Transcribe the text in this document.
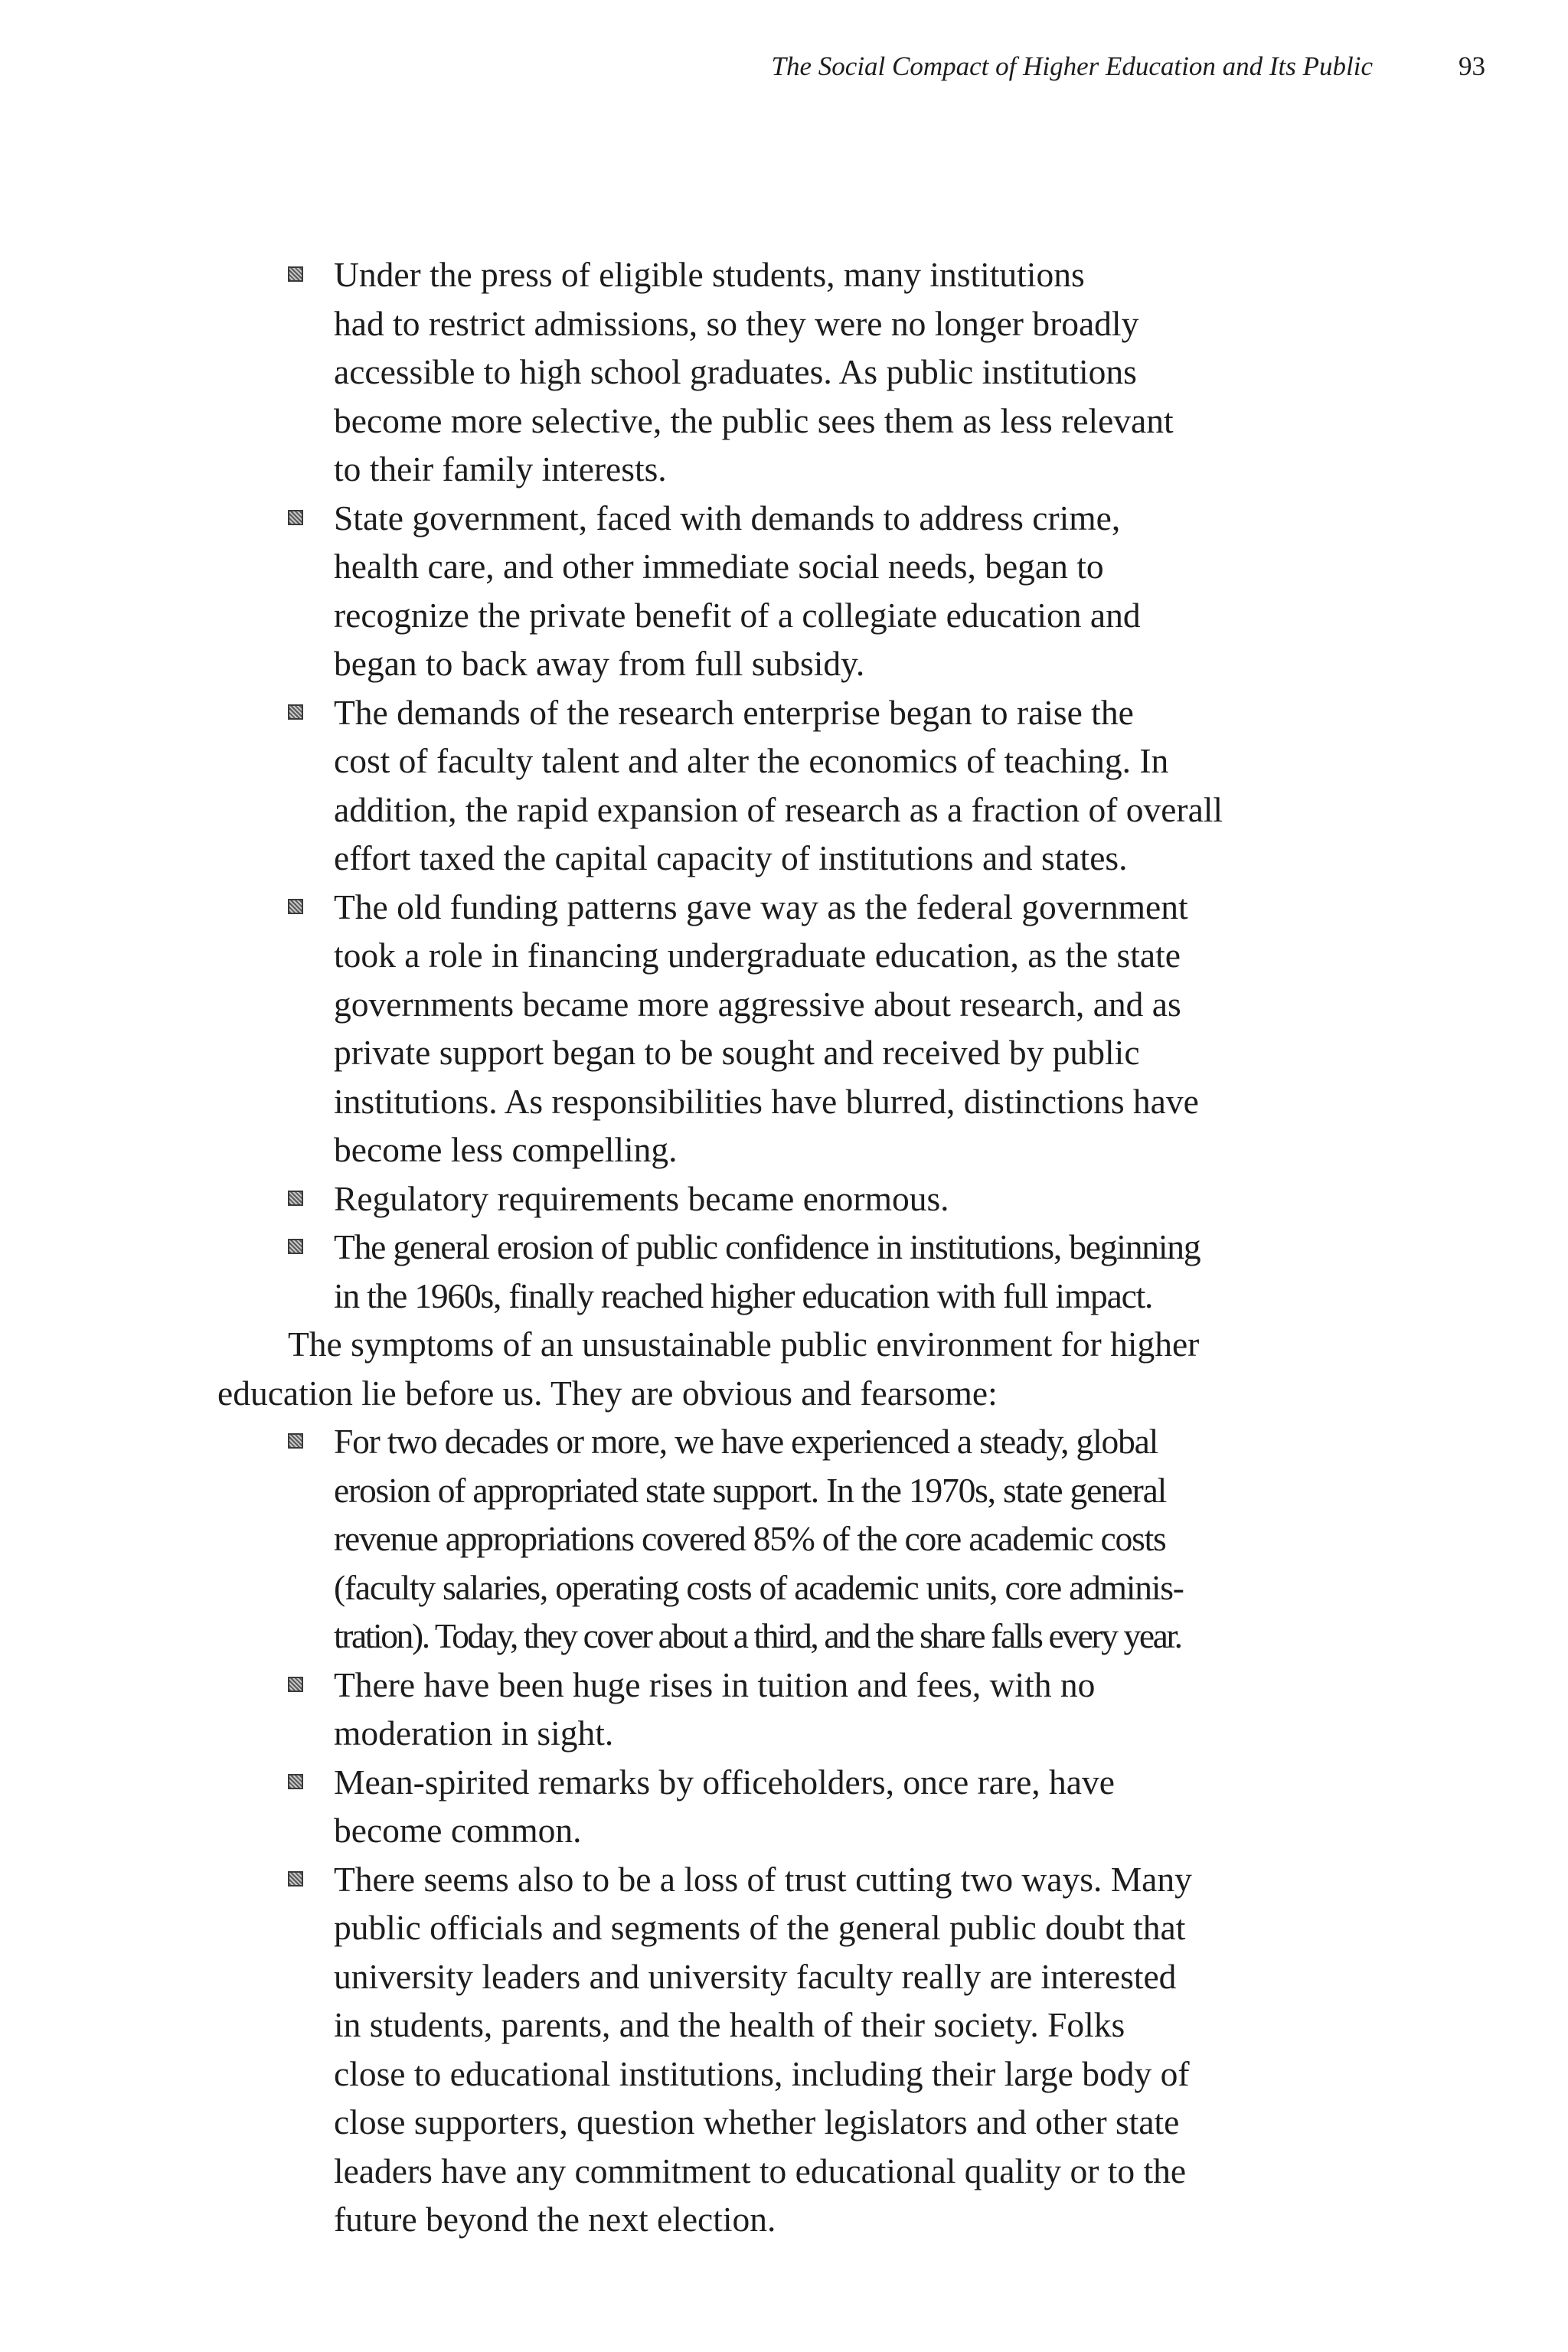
The Social Compact of Higher Education and Its Public	93
Under the press of eligible students, many institutions
had to restrict admissions, so they were no longer broadly
accessible to high school graduates. As public institutions
become more selective, the public sees them as less relevant
to their family interests.
State government, faced with demands to address crime,
health care, and other immediate social needs, began to
recognize the private benefit of a collegiate education and
began to back away from full subsidy.
The demands of the research enterprise began to raise the
cost of faculty talent and alter the economics of teaching. In
addition, the rapid expansion of research as a fraction of overall
effort taxed the capital capacity of institutions and states.
The old funding patterns gave way as the federal government
took a role in financing undergraduate education, as the state
governments became more aggressive about research, and as
private support began to be sought and received by public
institutions. As responsibilities have blurred, distinctions have
become less compelling.
Regulatory requirements became enormous.
The general erosion of public confidence in institutions, beginning
in the 1960s, finally reached higher education with full impact.
The symptoms of an unsustainable public environment for higher
education lie before us. They are obvious and fearsome:
For two decades or more, we have experienced a steady, global
erosion of appropriated state support. In the 1970s, state general
revenue appropriations covered 85% of the core academic costs
(faculty salaries, operating costs of academic units, core adminis-
tration). Today, they cover about a third, and the share falls every year.
There have been huge rises in tuition and fees, with no
moderation in sight.
Mean-spirited remarks by officeholders, once rare, have
become common.
There seems also to be a loss of trust cutting two ways. Many
public officials and segments of the general public doubt that
university leaders and university faculty really are interested
in students, parents, and the health of their society. Folks
close to educational institutions, including their large body of
close supporters, question whether legislators and other state
leaders have any commitment to educational quality or to the
future beyond the next election.
